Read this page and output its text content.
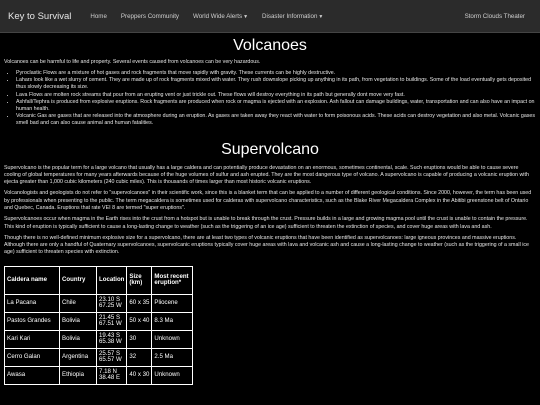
Key to Survival	Home	Preppers Community	World Wide Alerts▼	Disaster Information▼	Storm Clouds Theater
Volcanoes

Volcanoes can be harmful to life and property. Several events caused from volcanoes can be very hazardous.

• Pyroclastic Flows are a mixture of hot gases and rock fragments that move rapidly with gravity. These currents can be highly destructive.
• Lahars look like a wet slurry of cement. They are made up of rock fragments mixed with water. They rush downslope picking up anything in its path, from vegetation to buildings. Some of the load eventually gets deposited thus slowly decreasing its size.
• Lava Flows are molten rock streams that pour from an erupting vent or just trickle out. These flows will destroy everything in its path but generally dont move very fast.
• Ashfall/Tephra is produced from explosive eruptions. Rock fragments are produced when rock or magma is ejected with an explosion. Ash fallout can damage buildings, water, transportation and can also have an impact on human health.
• Volcanic Gas are gases that are released into the atmosphere during an eruption. As gases are taken away they react with water to form poisonous acids. These acids can destroy vegetation and also metal. Volcanic gases smell bad and can also cause animal and human fatalities.
Supervolcano

Supervolcano is the popular term for a large volcano that usually has a large caldera and can potentially produce devastation on an enormous, sometimes continental, scale. Such eruptions would be able to cause severe cooling of global temperatures for many years afterwards because of the huge volumes of sulfur and ash erupted. They are the most dangerous type of volcano. A supervolcano is capable of producing a volcanic eruption with ejecta greater than 1,000 cubic kilometers (240 cubic miles). This is thousands of times larger than most historic volcanic eruptions.

Volcanologists and geologists do not refer to "supervolcanoes" in their scientific work, since this is a blanket term that can be applied to a number of different geological conditions. Since 2000, however, the term has been used by professionals when presenting to the public. The term megacaldera is sometimes used for calderas with supervolcano characteristics, such as the Blake River Megacaldera Complex in the Abitibi greenstone belt of Ontario and Quebec, Canada. Eruptions that rate VEI 8 are termed "super eruptions".

Supervolcanoes occur when magma in the Earth rises into the crust from a hotspot but is unable to break through the crust. Pressure builds in a large and growing magma pool until the crust is unable to contain the pressure. This kind of eruption is typically sufficient to cause a long-lasting change to weather (such as the triggering of an ice age) sufficient to threaten the extinction of species, and cover huge areas with lava and ash.

Though there is no well-defined minimum explosive size for a supervolcano, there are at least two types of volcanic eruptions that have been identified as supervolcanoes: large igneous provinces and massive eruptions. Although there are only a handful of Quaternary supervolcanoes, supervolcanic eruptions typically cover huge areas with lava and volcanic ash and cause a long-lasting change to weather (such as the triggering of a small ice age) sufficient to threaten species with extinction.

Caldera name	Country	Location	Size (km)	Most recent eruption*
La Pacana	Chile	23.10 S 67.25 W	60 x 35	Pliocene
Pastos Grandes	Bolivia	21.45 S 67.51 W	50 x 40	8.3 Ma
Kari Kari	Bolivia	19.43 S 65.38 W	30	Unknown
Cerro Galan	Argentina	25.57 S 65.57 W	32	2.5 Ma
Awasa	Ethiopia	7.18 N 38.48 E	40 x 30	Unknown
